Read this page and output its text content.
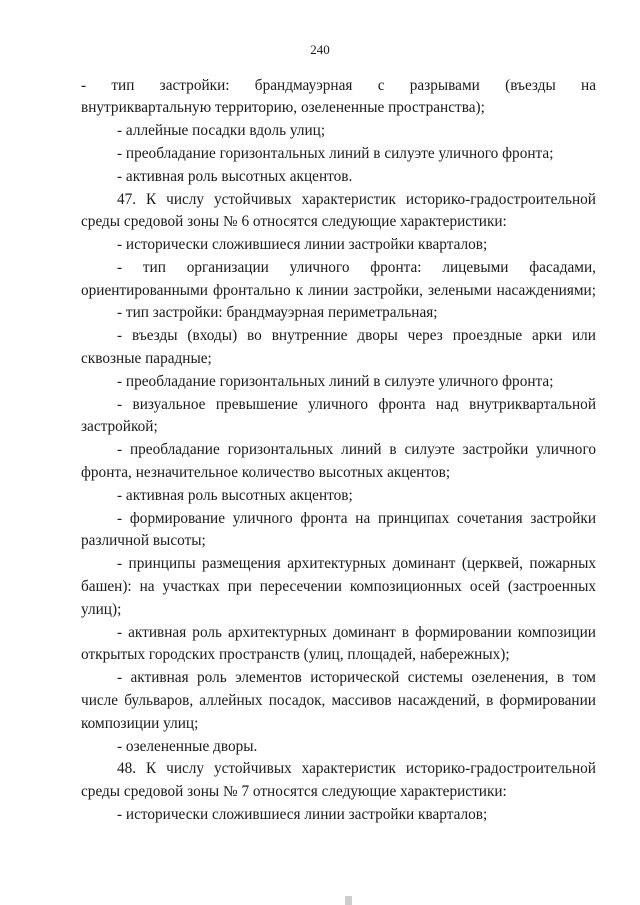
240
- тип застройки: брандмауэрная с разрывами (въезды на
внутриквартальную территорию, озелененные пространства);
- аллейные посадки вдоль улиц;
- преобладание горизонтальных линий в силуэте уличного фронта;
- активная роль высотных акцентов.
47. К числу устойчивых характеристик историко-градостроительной
среды средовой зоны № 6 относятся следующие характеристики:
- исторически сложившиеся линии застройки кварталов;
- тип организации уличного фронта: лицевыми фасадами,
ориентированными фронтально к линии застройки, зелеными насаждениями;
- тип застройки: брандмауэрная периметральная;
- въезды (входы) во внутренние дворы через проездные арки или
сквозные парадные;
- преобладание горизонтальных линий в силуэте уличного фронта;
- визуальное превышение уличного фронта над внутриквартальной
застройкой;
- преобладание горизонтальных линий в силуэте застройки уличного
фронта, незначительное количество высотных акцентов;
- активная роль высотных акцентов;
- формирование уличного фронта на принципах сочетания застройки
различной высоты;
- принципы размещения архитектурных доминант (церквей, пожарных
башен): на участках при пересечении композиционных осей (застроенных
улиц);
- активная роль архитектурных доминант в формировании композиции
открытых городских пространств (улиц, площадей, набережных);
- активная роль элементов исторической системы озеленения, в том
числе бульваров, аллейных посадок, массивов насаждений, в формировании
композиции улиц;
- озелененные дворы.
48. К числу устойчивых характеристик историко-градостроительной
среды средовой зоны № 7 относятся следующие характеристики:
- исторически сложившиеся линии застройки кварталов;
